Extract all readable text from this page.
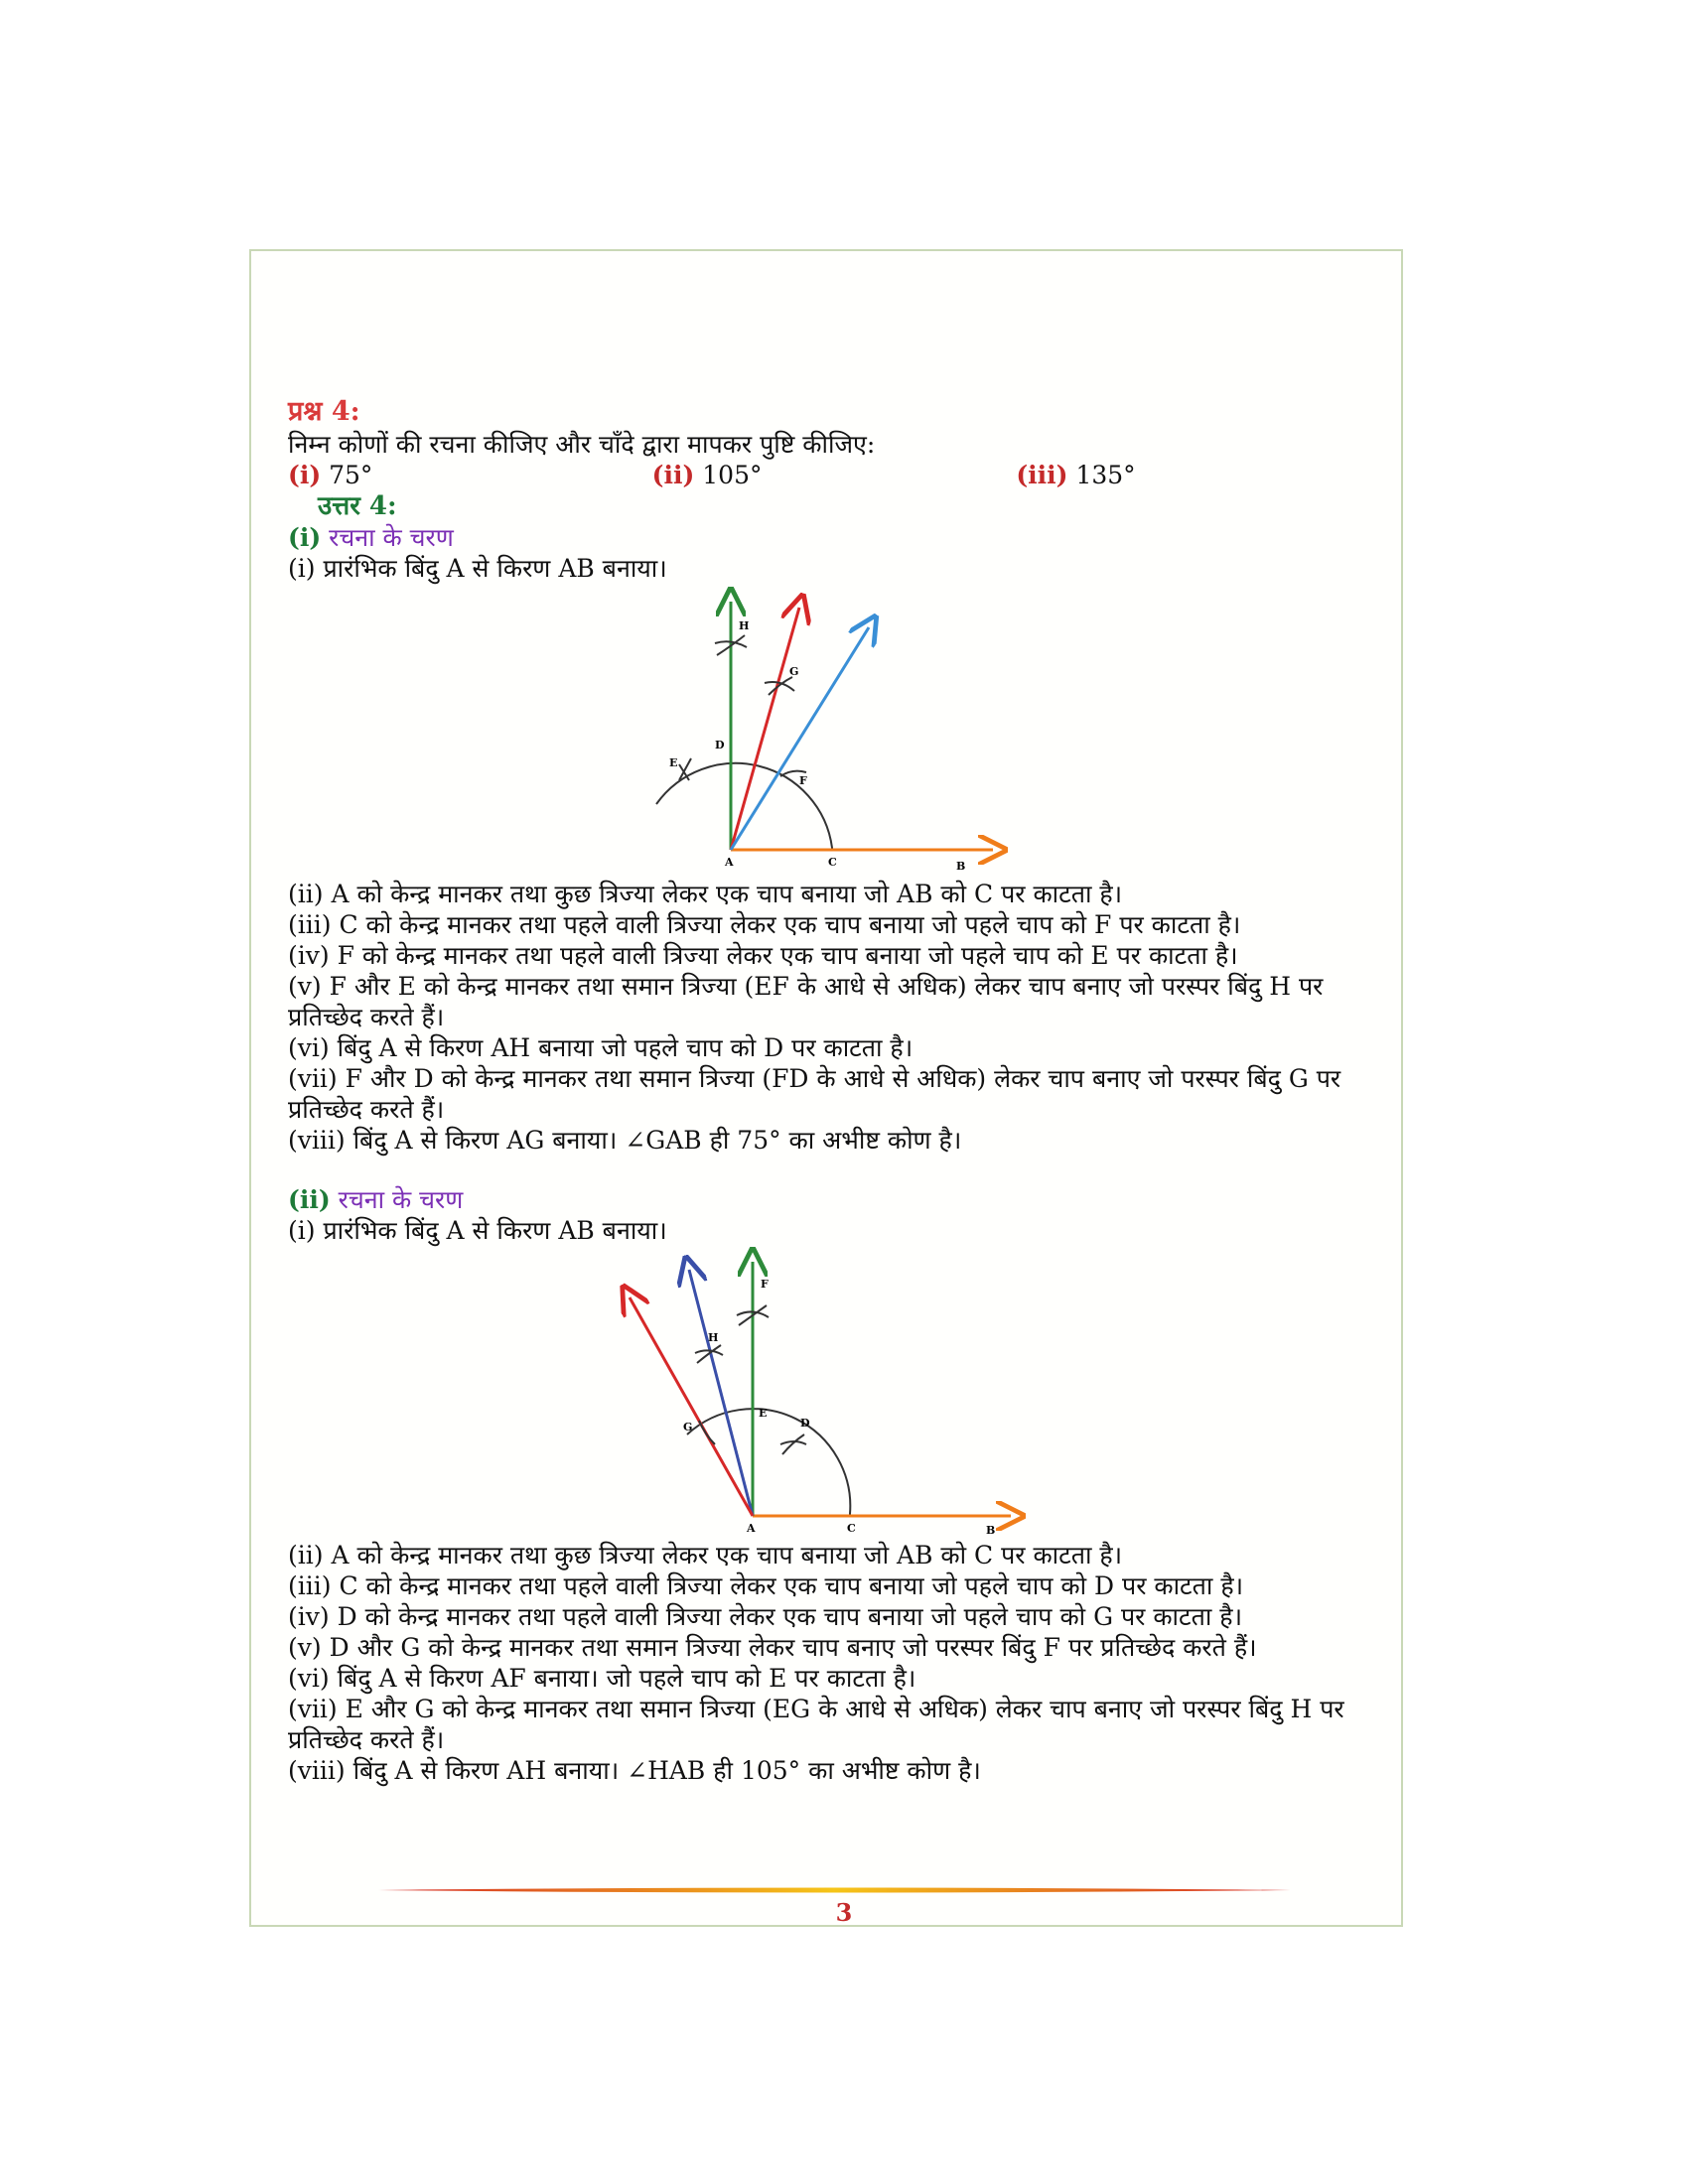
प्रश्न 4:
निम्न कोणों की रचना कीजिए और चाँदे द्वारा मापकर पुष्टि कीजिए:
(i) 75°	(ii) 105°	(iii) 135°
उत्तर 4:
(i) रचना के चरण
(i) प्रारंभिक बिंदु A से किरण AB बनाया।
H
G
D
E
F
A	C	B
(ii) A को केन्द्र मानकर तथा कुछ त्रिज्या लेकर एक चाप बनाया जो AB को C पर काटता है।
(iii) C को केन्द्र मानकर तथा पहले वाली त्रिज्या लेकर एक चाप बनाया जो पहले चाप को F पर काटता है।
(iv) F को केन्द्र मानकर तथा पहले वाली त्रिज्या लेकर एक चाप बनाया जो पहले चाप को E पर काटता है।
(v) F और E को केन्द्र मानकर तथा समान त्रिज्या (EF के आधे से अधिक) लेकर चाप बनाए जो परस्पर बिंदु H पर प्रतिच्छेद करते हैं।
(vi) बिंदु A से किरण AH बनाया जो पहले चाप को D पर काटता है।
(vii) F और D को केन्द्र मानकर तथा समान त्रिज्या (FD के आधे से अधिक) लेकर चाप बनाए जो परस्पर बिंदु G पर प्रतिच्छेद करते हैं।
(viii) बिंदु A से किरण AG बनाया। ∠GAB ही 75° का अभीष्ट कोण है।
(ii) रचना के चरण
(i) प्रारंभिक बिंदु A से किरण AB बनाया।
F
H
G
E
D
A	C	B
(ii) A को केन्द्र मानकर तथा कुछ त्रिज्या लेकर एक चाप बनाया जो AB को C पर काटता है।
(iii) C को केन्द्र मानकर तथा पहले वाली त्रिज्या लेकर एक चाप बनाया जो पहले चाप को D पर काटता है।
(iv) D को केन्द्र मानकर तथा पहले वाली त्रिज्या लेकर एक चाप बनाया जो पहले चाप को G पर काटता है।
(v) D और G को केन्द्र मानकर तथा समान त्रिज्या लेकर चाप बनाए जो परस्पर बिंदु F पर प्रतिच्छेद करते हैं।
(vi) बिंदु A से किरण AF बनाया। जो पहले चाप को E पर काटता है।
(vii) E और G को केन्द्र मानकर तथा समान त्रिज्या (EG के आधे से अधिक) लेकर चाप बनाए जो परस्पर बिंदु H पर प्रतिच्छेद करते हैं।
(viii) बिंदु A से किरण AH बनाया। ∠HAB ही 105° का अभीष्ट कोण है।
3
